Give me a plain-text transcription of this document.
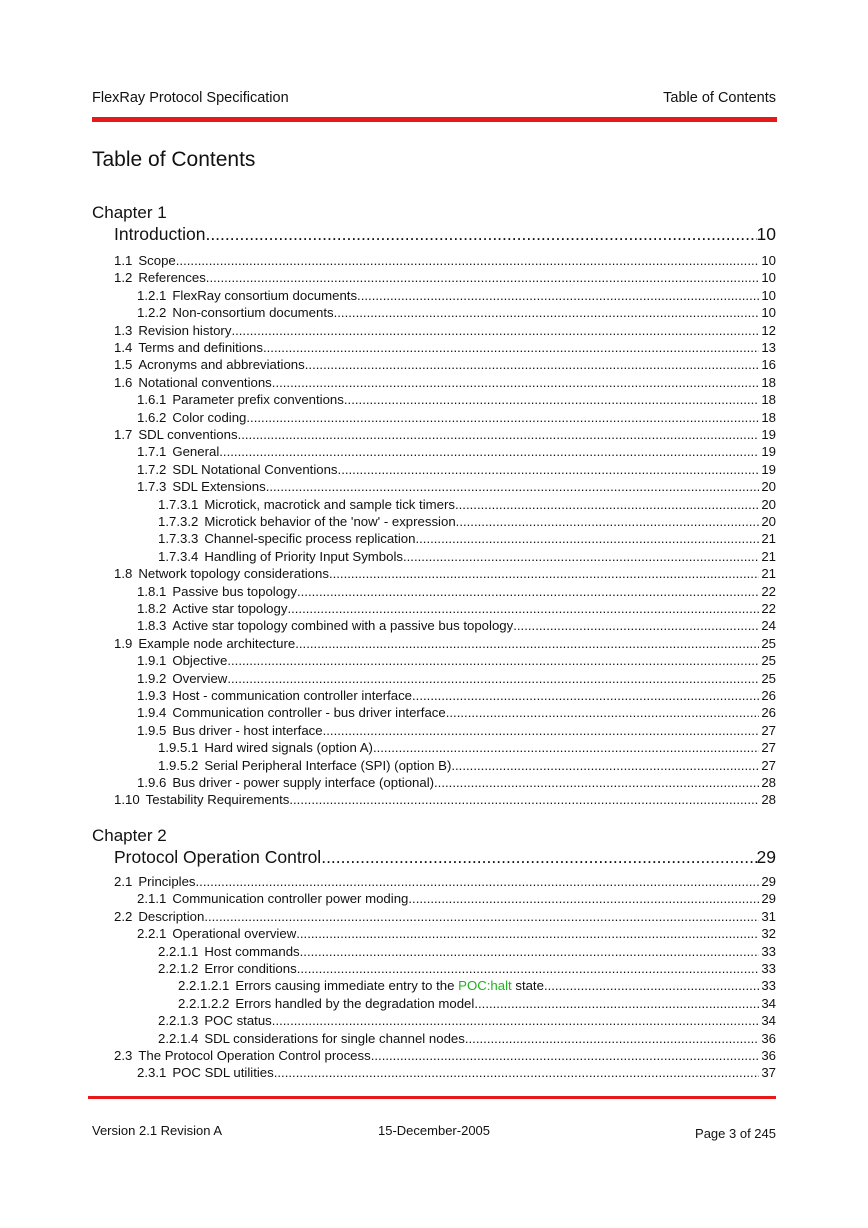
FlexRay Protocol Specification	Table of Contents
Table of Contents
Chapter 1
Introduction .....	10
1.1 Scope .....	10
1.2 References .....	10
1.2.1 FlexRay consortium documents .....	10
1.2.2 Non-consortium documents .....	10
1.3 Revision history .....	12
1.4 Terms and definitions .....	13
1.5 Acronyms and abbreviations .....	16
1.6 Notational conventions .....	18
1.6.1 Parameter prefix conventions .....	18
1.6.2 Color coding .....	18
1.7 SDL conventions .....	19
1.7.1 General .....	19
1.7.2 SDL Notational Conventions .....	19
1.7.3 SDL Extensions .....	20
1.7.3.1 Microtick, macrotick and sample tick timers .....	20
1.7.3.2 Microtick behavior of the 'now' - expression .....	20
1.7.3.3 Channel-specific process replication .....	21
1.7.3.4 Handling of Priority Input Symbols .....	21
1.8 Network topology considerations .....	21
1.8.1 Passive bus topology .....	22
1.8.2 Active star topology .....	22
1.8.3 Active star topology combined with a passive bus topology .....	24
1.9 Example node architecture .....	25
1.9.1 Objective .....	25
1.9.2 Overview .....	25
1.9.3 Host - communication controller interface .....	26
1.9.4 Communication controller - bus driver interface .....	26
1.9.5 Bus driver - host interface .....	27
1.9.5.1 Hard wired signals (option A) .....	27
1.9.5.2 Serial Peripheral Interface (SPI) (option B) .....	27
1.9.6 Bus driver - power supply interface (optional) .....	28
1.10 Testability Requirements .....	28
Chapter 2
Protocol Operation Control .....	29
2.1 Principles .....	29
2.1.1 Communication controller power moding .....	29
2.2 Description .....	31
2.2.1 Operational overview .....	32
2.2.1.1 Host commands .....	33
2.2.1.2 Error conditions .....	33
2.2.1.2.1 Errors causing immediate entry to the POC:halt state .....	33
2.2.1.2.2 Errors handled by the degradation model .....	34
2.2.1.3 POC status .....	34
2.2.1.4 SDL considerations for single channel nodes .....	36
2.3 The Protocol Operation Control process .....	36
2.3.1 POC SDL utilities .....	37
Version 2.1 Revision A	15-December-2005	Page 3 of 245
